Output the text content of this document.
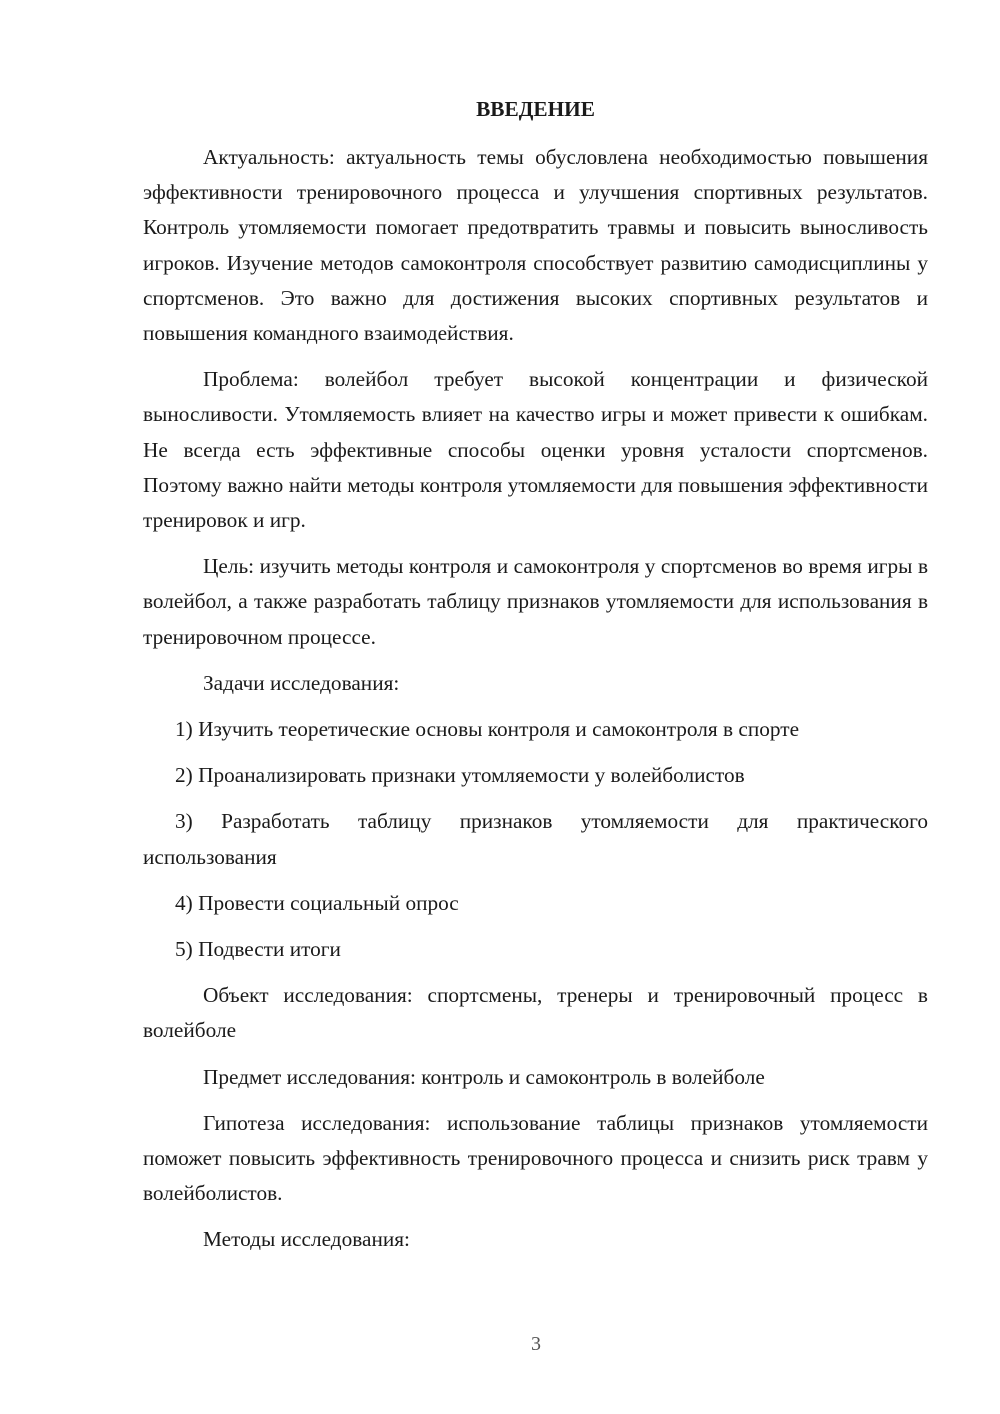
ВВЕДЕНИЕ

Актуальность: актуальность темы обусловлена необходимостью повышения эффективности тренировочного процесса и улучшения спортивных результатов. Контроль утомляемости помогает предотвратить травмы и повысить выносливость игроков. Изучение методов самоконтроля способствует развитию самодисциплины у спортсменов. Это важно для достижения высоких спортивных результатов и повышения командного взаимодействия.

Проблема: волейбол требует высокой концентрации и физической выносливости. Утомляемость влияет на качество игры и может привести к ошибкам. Не всегда есть эффективные способы оценки уровня усталости спортсменов. Поэтому важно найти методы контроля утомляемости для повышения эффективности тренировок и игр.

Цель: изучить методы контроля и самоконтроля у спортсменов во время игры в волейбол, а также разработать таблицу признаков утомляемости для использования в тренировочном процессе.

Задачи исследования:

1) Изучить теоретические основы контроля и самоконтроля в спорте

2) Проанализировать признаки утомляемости у волейболистов

3) Разработать таблицу признаков утомляемости для практического использования

4) Провести социальный опрос

5) Подвести итоги

Объект исследования: спортсмены, тренеры и тренировочный процесс в волейболе

Предмет исследования: контроль и самоконтроль в волейболе

Гипотеза исследования: использование таблицы признаков утомляемости поможет повысить эффективность тренировочного процесса и снизить риск травм у волейболистов.

Методы исследования:

3
